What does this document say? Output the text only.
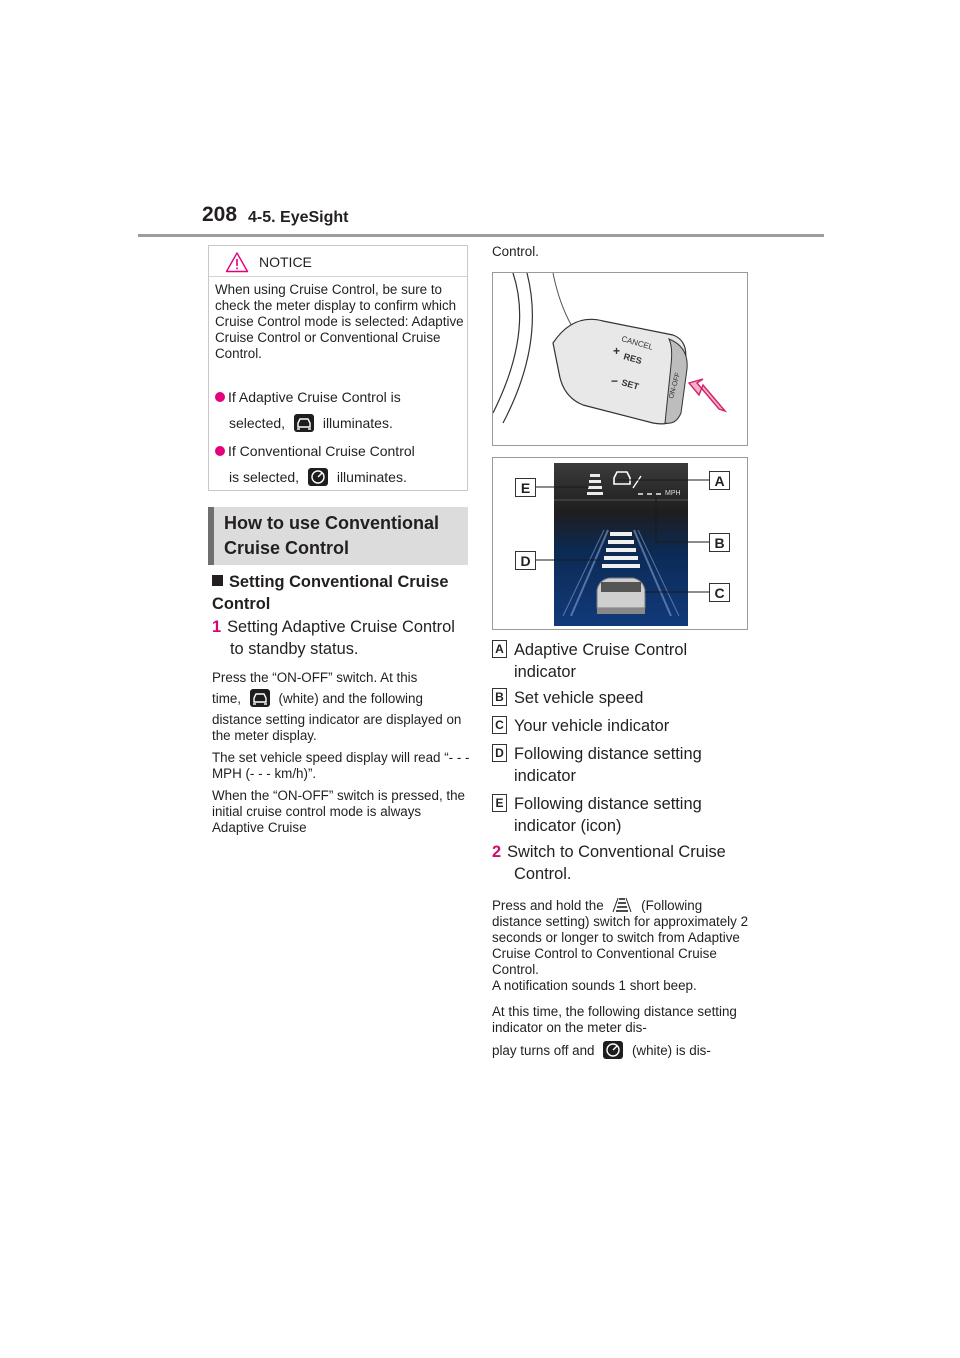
208 4-5. EyeSight
NOTICE
When using Cruise Control, be sure to check the meter display to confirm which Cruise Control mode is selected: Adaptive Cruise Control or Conventional Cruise Control.
If Adaptive Cruise Control is
selected,	illuminates.
If Conventional Cruise Control
is selected,	illuminates.
How to use Conventional Cruise Control
Setting Conventional Cruise Control
1 Setting Adaptive Cruise Control to standby status.
Press the “ON-OFF” switch. At this
time,	(white) and the following
distance setting indicator are displayed on the meter display.
The set vehicle speed display will read “- - - MPH (- - - km/h)”.
When the “ON-OFF” switch is pressed, the initial cruise control mode is always Adaptive Cruise
Control.
CANCEL
+
RES
− SET	ON-OFF
MPH
E	A
B
D
C
A Adaptive Cruise Control indicator
B Set vehicle speed
C Your vehicle indicator
D Following distance setting indicator
E Following distance setting indicator (icon)
2 Switch to Conventional Cruise Control.
Press and hold the	(Following
distance setting) switch for approximately 2 seconds or longer to switch from Adaptive Cruise Control to Conventional Cruise Control.
A notification sounds 1 short beep.
At this time, the following distance setting indicator on the meter dis-
play turns off and	(white) is dis-
